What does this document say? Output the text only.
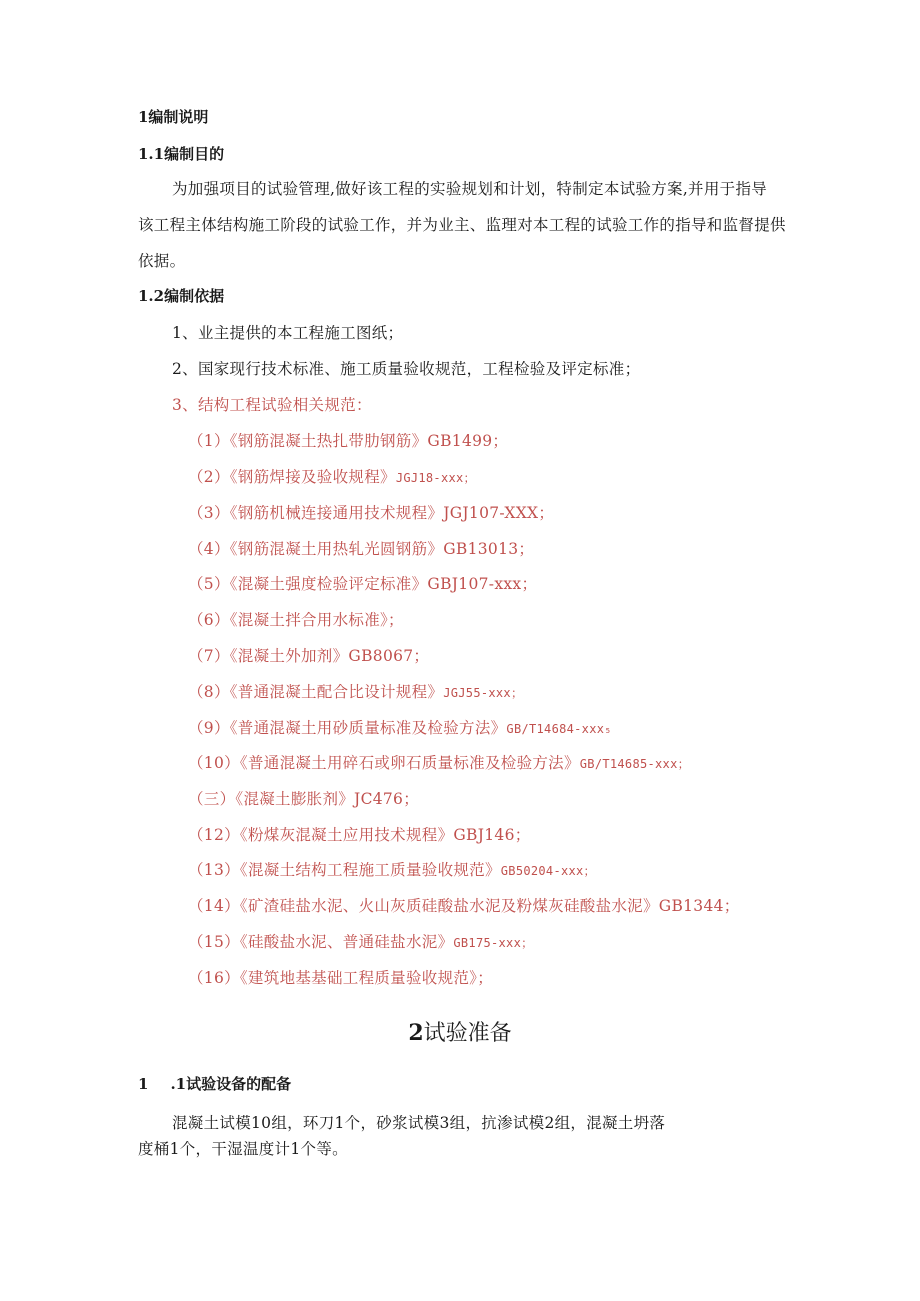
1编制说明
1.1编制目的
为加强项目的试验管理,做好该工程的实验规划和计划，特制定本试验方案,并用于指导
该工程主体结构施工阶段的试验工作，并为业主、监理对本工程的试验工作的指导和监督提供
依据。
1.2编制依据
1、业主提供的本工程施工图纸；
2、国家现行技术标准、施工质量验收规范，工程检验及评定标准；
3、结构工程试验相关规范：
（1）《钢筋混凝土热扎带肋钢筋》GB1499；
（2）《钢筋焊接及验收规程》JGJ18-xxx；
（3）《钢筋机械连接通用技术规程》JGJ107-XXX；
（4）《钢筋混凝土用热轧光圆钢筋》GB13013；
（5）《混凝土强度检验评定标准》GBJ107-xxx；
（6）《混凝土拌合用水标准》；
（7）《混凝土外加剂》GB8067；
（8）《普通混凝土配合比设计规程》JGJ55-xxx；
（9）《普通混凝土用砂质量标准及检验方法》GB/T14684-xxx₅
（10）《普通混凝土用碎石或卵石质量标准及检验方法》GB/T14685-xxx；
（三）《混凝土膨胀剂》JC476；
（12）《粉煤灰混凝土应用技术规程》GBJ146；
（13）《混凝土结构工程施工质量验收规范》GB50204-xxx；
（14）《矿渣硅盐水泥、火山灰质硅酸盐水泥及粉煤灰硅酸盐水泥》GB1344；
（15）《硅酸盐水泥、普通硅盐水泥》GB175-xxx；
（16）《建筑地基基础工程质量验收规范》；
2试验准备
1 .1试验设备的配备
混凝土试模10组，环刀1个，砂浆试模3组，抗渗试模2组，混凝土坍落
度桶1个，干湿温度计1个等。
